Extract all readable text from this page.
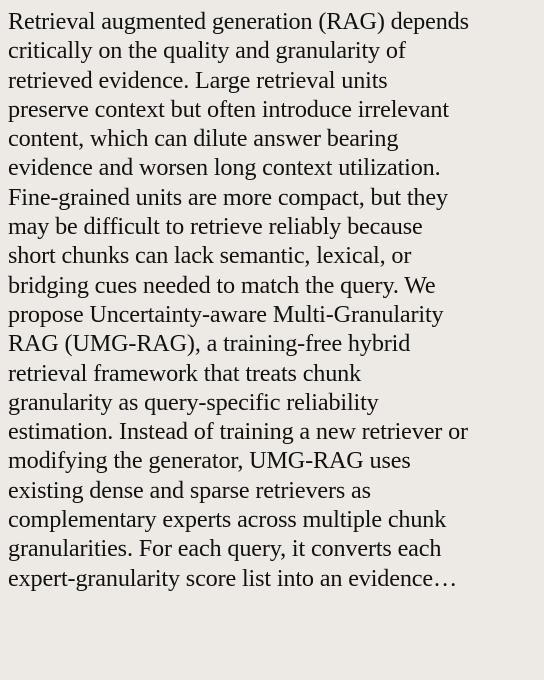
Retrieval augmented generation (RAG) depends
critically on the quality and granularity of
retrieved evidence. Large retrieval units
preserve context but often introduce irrelevant
content, which can dilute answer bearing
evidence and worsen long context utilization.
Fine-grained units are more compact, but they
may be difficult to retrieve reliably because
short chunks can lack semantic, lexical, or
bridging cues needed to match the query. We
propose Uncertainty-aware Multi-Granularity
RAG (UMG-RAG), a training-free hybrid
retrieval framework that treats chunk
granularity as query-specific reliability
estimation. Instead of training a new retriever or
modifying the generator, UMG-RAG uses
existing dense and sparse retrievers as
complementary experts across multiple chunk
granularities. For each query, it converts each
expert-granularity score list into an evidence…
